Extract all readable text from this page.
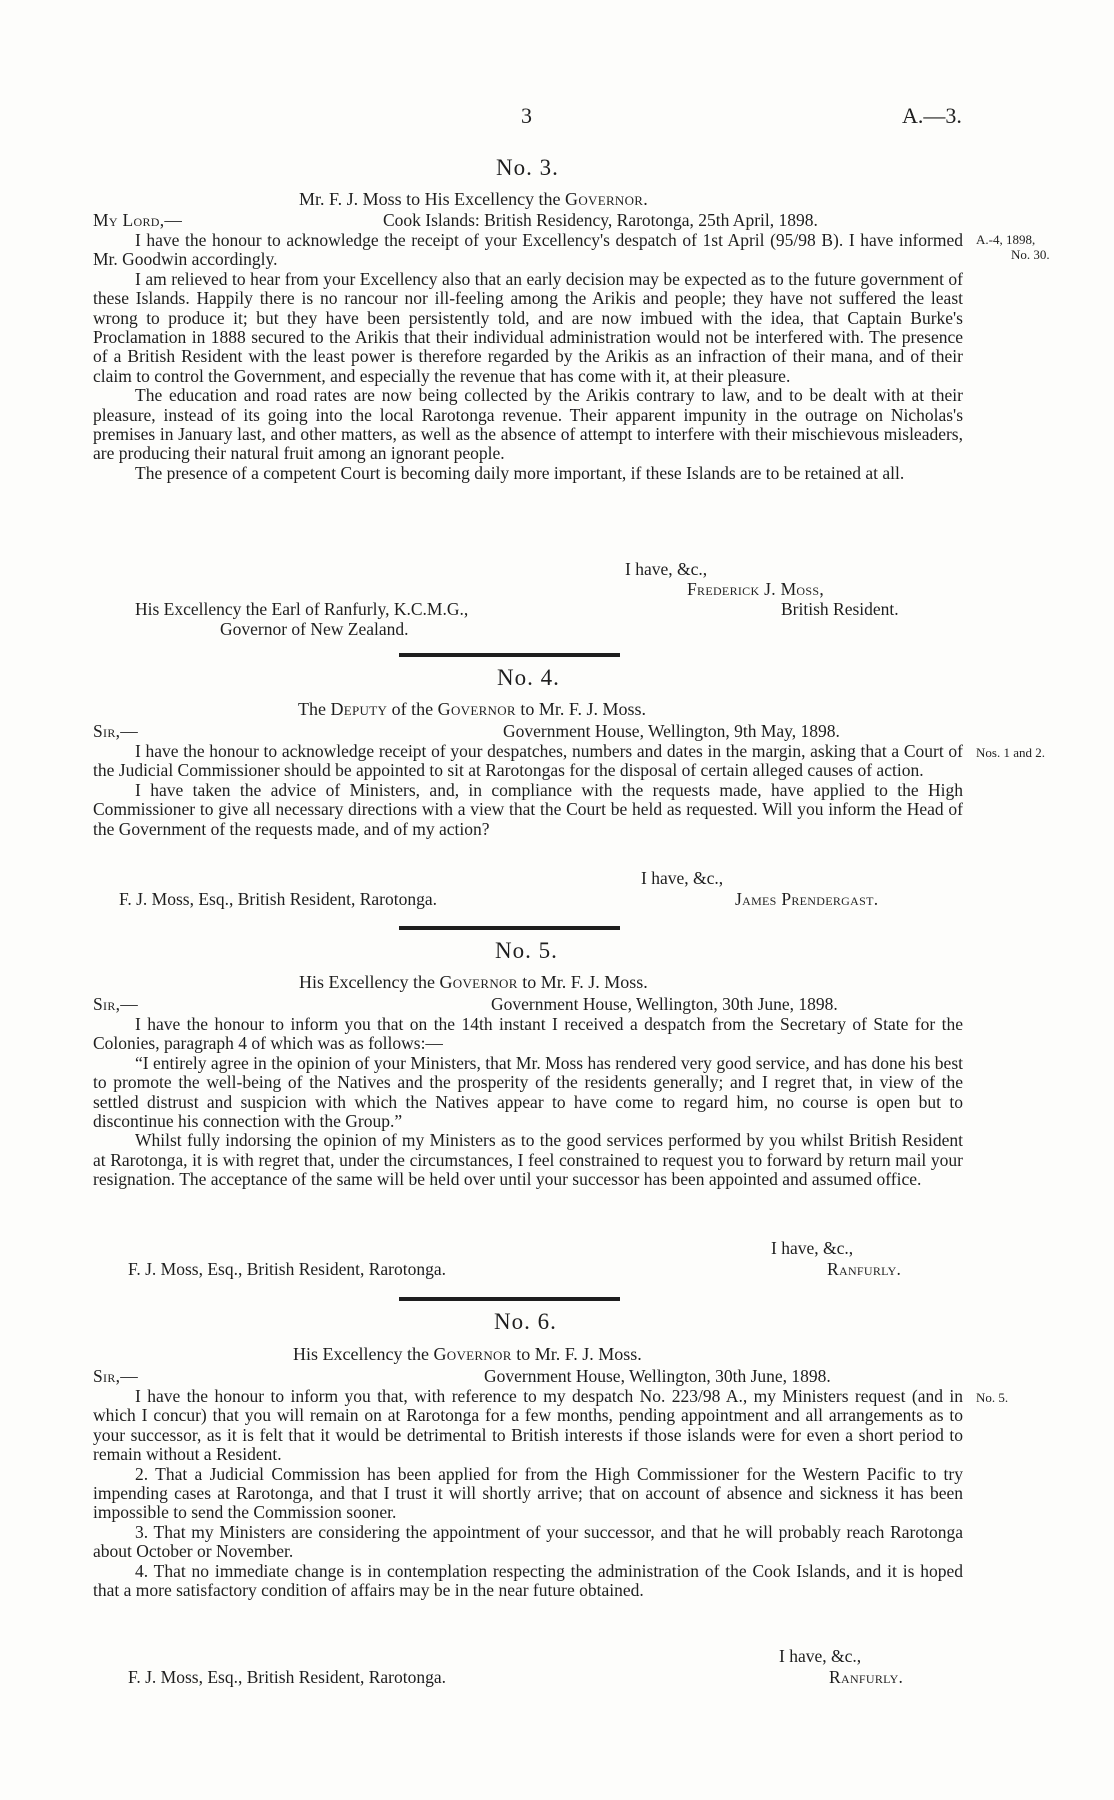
3	A.—3.
No. 3.
Mr. F. J. Moss to His Excellency the Governor.
My Lord,—	Cook Islands: British Residency, Rarotonga, 25th April, 1898.
A.-4, 1898,
No. 30.

I have the honour to acknowledge the receipt of your Excellency's despatch of 1st April (95/98 B). I have informed Mr. Goodwin accordingly.

I am relieved to hear from your Excellency also that an early decision may be expected as to the future government of these Islands. Happily there is no rancour nor ill-feeling among the Arikis and people; they have not suffered the least wrong to produce it; but they have been persistently told, and are now imbued with the idea, that Captain Burke's Proclamation in 1888 secured to the Arikis that their individual administration would not be interfered with. The presence of a British Resident with the least power is therefore regarded by the Arikis as an infraction of their mana, and of their claim to control the Government, and especially the revenue that has come with it, at their pleasure.

The education and road rates are now being collected by the Arikis contrary to law, and to be dealt with at their pleasure, instead of its going into the local Rarotonga revenue. Their apparent impunity in the outrage on Nicholas's premises in January last, and other matters, as well as the absence of attempt to interfere with their mischievous misleaders, are producing their natural fruit among an ignorant people.

The presence of a competent Court is becoming daily more important, if these Islands are to be retained at all.

I have, &c.,
Frederick J. Moss,
His Excellency the Earl of Ranfurly, K.C.M.G.,	British Resident.
Governor of New Zealand.
No. 4.
The Deputy of the Governor to Mr. F. J. Moss.
Sir,—	Government House, Wellington, 9th May, 1898.
Nos. 1 and 2.

I have the honour to acknowledge receipt of your despatches, numbers and dates in the margin, asking that a Court of the Judicial Commissioner should be appointed to sit at Rarotongas for the disposal of certain alleged causes of action.

I have taken the advice of Ministers, and, in compliance with the requests made, have applied to the High Commissioner to give all necessary directions with a view that the Court be held as requested. Will you inform the Head of the Government of the requests made, and of my action?

I have, &c.,
F. J. Moss, Esq., British Resident, Rarotonga.	James Prendergast.
No. 5.
His Excellency the Governor to Mr. F. J. Moss.
Sir,—	Government House, Wellington, 30th June, 1898.

I have the honour to inform you that on the 14th instant I received a despatch from the Secretary of State for the Colonies, paragraph 4 of which was as follows:—

“I entirely agree in the opinion of your Ministers, that Mr. Moss has rendered very good service, and has done his best to promote the well-being of the Natives and the prosperity of the residents generally; and I regret that, in view of the settled distrust and suspicion with which the Natives appear to have come to regard him, no course is open but to discontinue his connection with the Group.”

Whilst fully indorsing the opinion of my Ministers as to the good services performed by you whilst British Resident at Rarotonga, it is with regret that, under the circumstances, I feel constrained to request you to forward by return mail your resignation. The acceptance of the same will be held over until your successor has been appointed and assumed office.

I have, &c.,
F. J. Moss, Esq., British Resident, Rarotonga.	Ranfurly.
No. 6.
His Excellency the Governor to Mr. F. J. Moss.
Sir,—	Government House, Wellington, 30th June, 1898.
No. 5.

I have the honour to inform you that, with reference to my despatch No. 223/98 A., my Ministers request (and in which I concur) that you will remain on at Rarotonga for a few months, pending appointment and all arrangements as to your successor, as it is felt that it would be detrimental to British interests if those islands were for even a short period to remain without a Resident.

2. That a Judicial Commission has been applied for from the High Commissioner for the Western Pacific to try impending cases at Rarotonga, and that I trust it will shortly arrive; that on account of absence and sickness it has been impossible to send the Commission sooner.

3. That my Ministers are considering the appointment of your successor, and that he will probably reach Rarotonga about October or November.

4. That no immediate change is in contemplation respecting the administration of the Cook Islands, and it is hoped that a more satisfactory condition of affairs may be in the near future obtained.

I have, &c.,
F. J. Moss, Esq., British Resident, Rarotonga.	Ranfurly.
